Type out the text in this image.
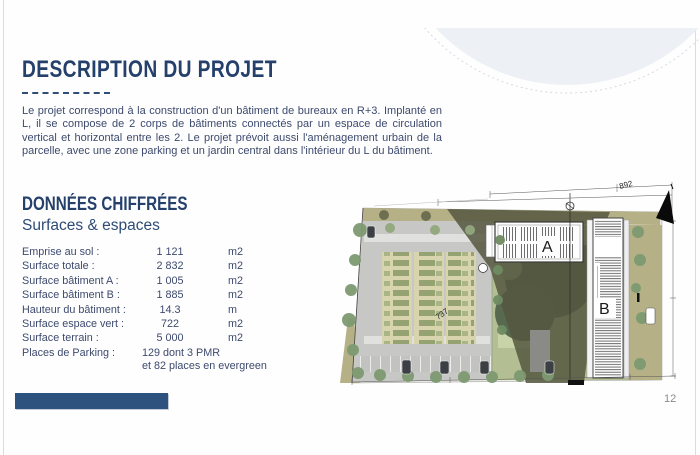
DESCRIPTION DU PROJET
Le projet correspond à la construction d'un bâtiment de bureaux en R+3. Implanté en L, il se compose de 2 corps de bâtiments connectés par un espace de circulation vertical et horizontal entre les 2. Le projet prévoit aussi l'aménagement urbain de la parcelle, avec une zone parking et un jardin central dans l'intérieur du L du bâtiment.
DONNÉES CHIFFRÉES
Surfaces & espaces
Emprise au sol :	1 121	m2
Surface totale :	2 832	m2
Surface bâtiment A :	1 005	m2
Surface bâtiment B :	1 885	m2
Hauteur du bâtiment :	14.3	m
Surface espace vert :	722	m2
Surface terrain :	5 000	m2
Places de Parking :	129 dont 3 PMR
et 82 places en evergreen
A
B
892
737
12
